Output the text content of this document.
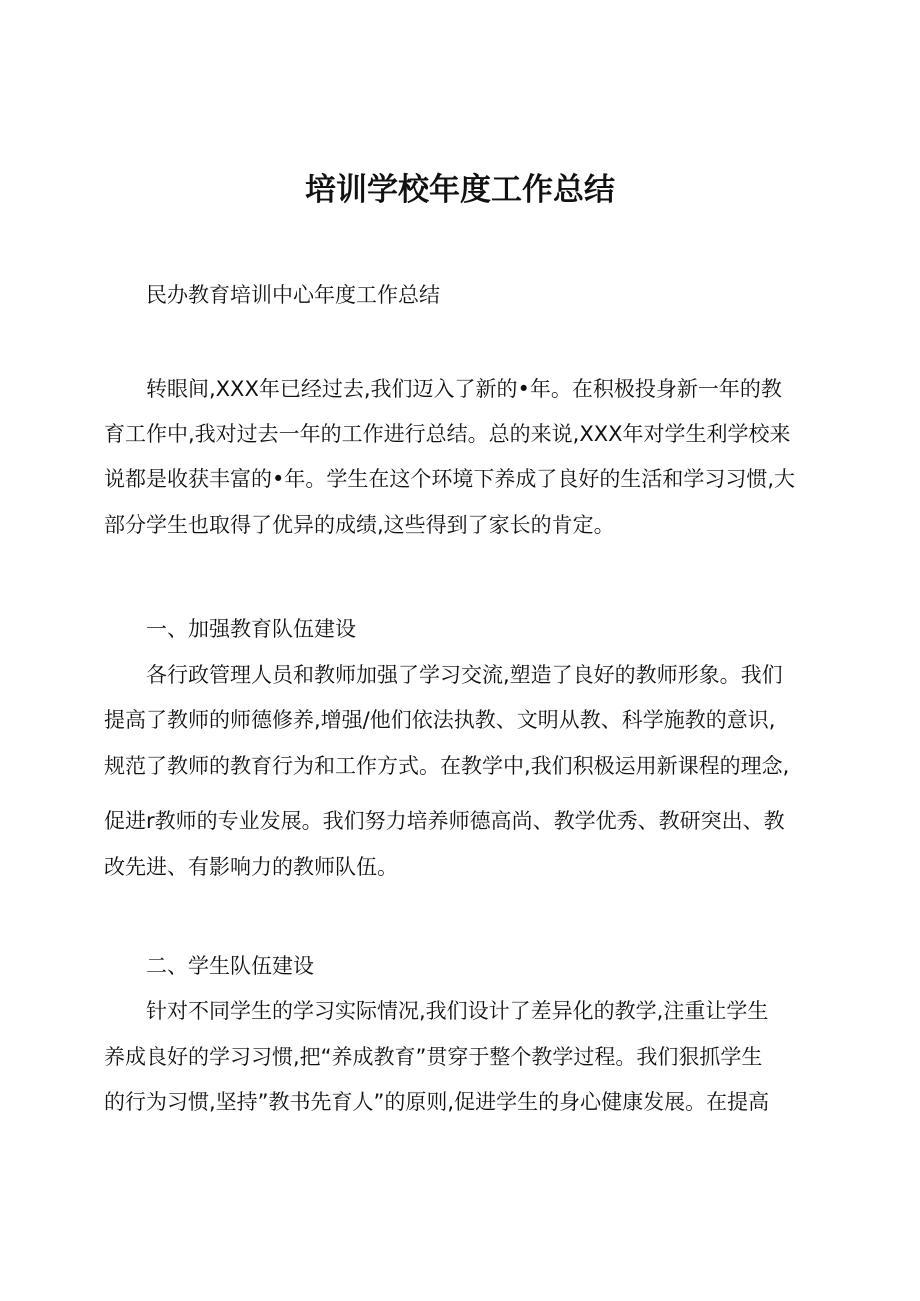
培训学校年度工作总结

民办教育培训中心年度工作总结

转眼间,XXX年已经过去,我们迈入了新的•年。在积极投身新一年的教

育工作中,我对过去一年的工作进行总结。总的来说,XXX年对学生利学校来

说都是收获丰富的•年。学生在这个环境下养成了良好的生活和学习习惯,大

部分学生也取得了优异的成绩,这些得到了家长的肯定。

一、加强教育队伍建设

各行政管理人员和教师加强了学习交流,塑造了良好的教师形象。我们

提高了教师的师德修养,增强/他们依法执教、文明从教、科学施教的意识,

规范了教师的教育行为和工作方式。在教学中,我们积极运用新课程的理念,

促进r教师的专业发展。我们努力培养师德高尚、教学优秀、教研突出、教

改先进、有影响力的教师队伍。

二、学生队伍建设

针对不同学生的学习实际情况,我们设计了差异化的教学,注重让学生

养成良好的学习习惯,把“养成教育”贯穿于整个教学过程。我们狠抓学生

的行为习惯,坚持”教书先育人”的原则,促进学生的身心健康发展。在提高
